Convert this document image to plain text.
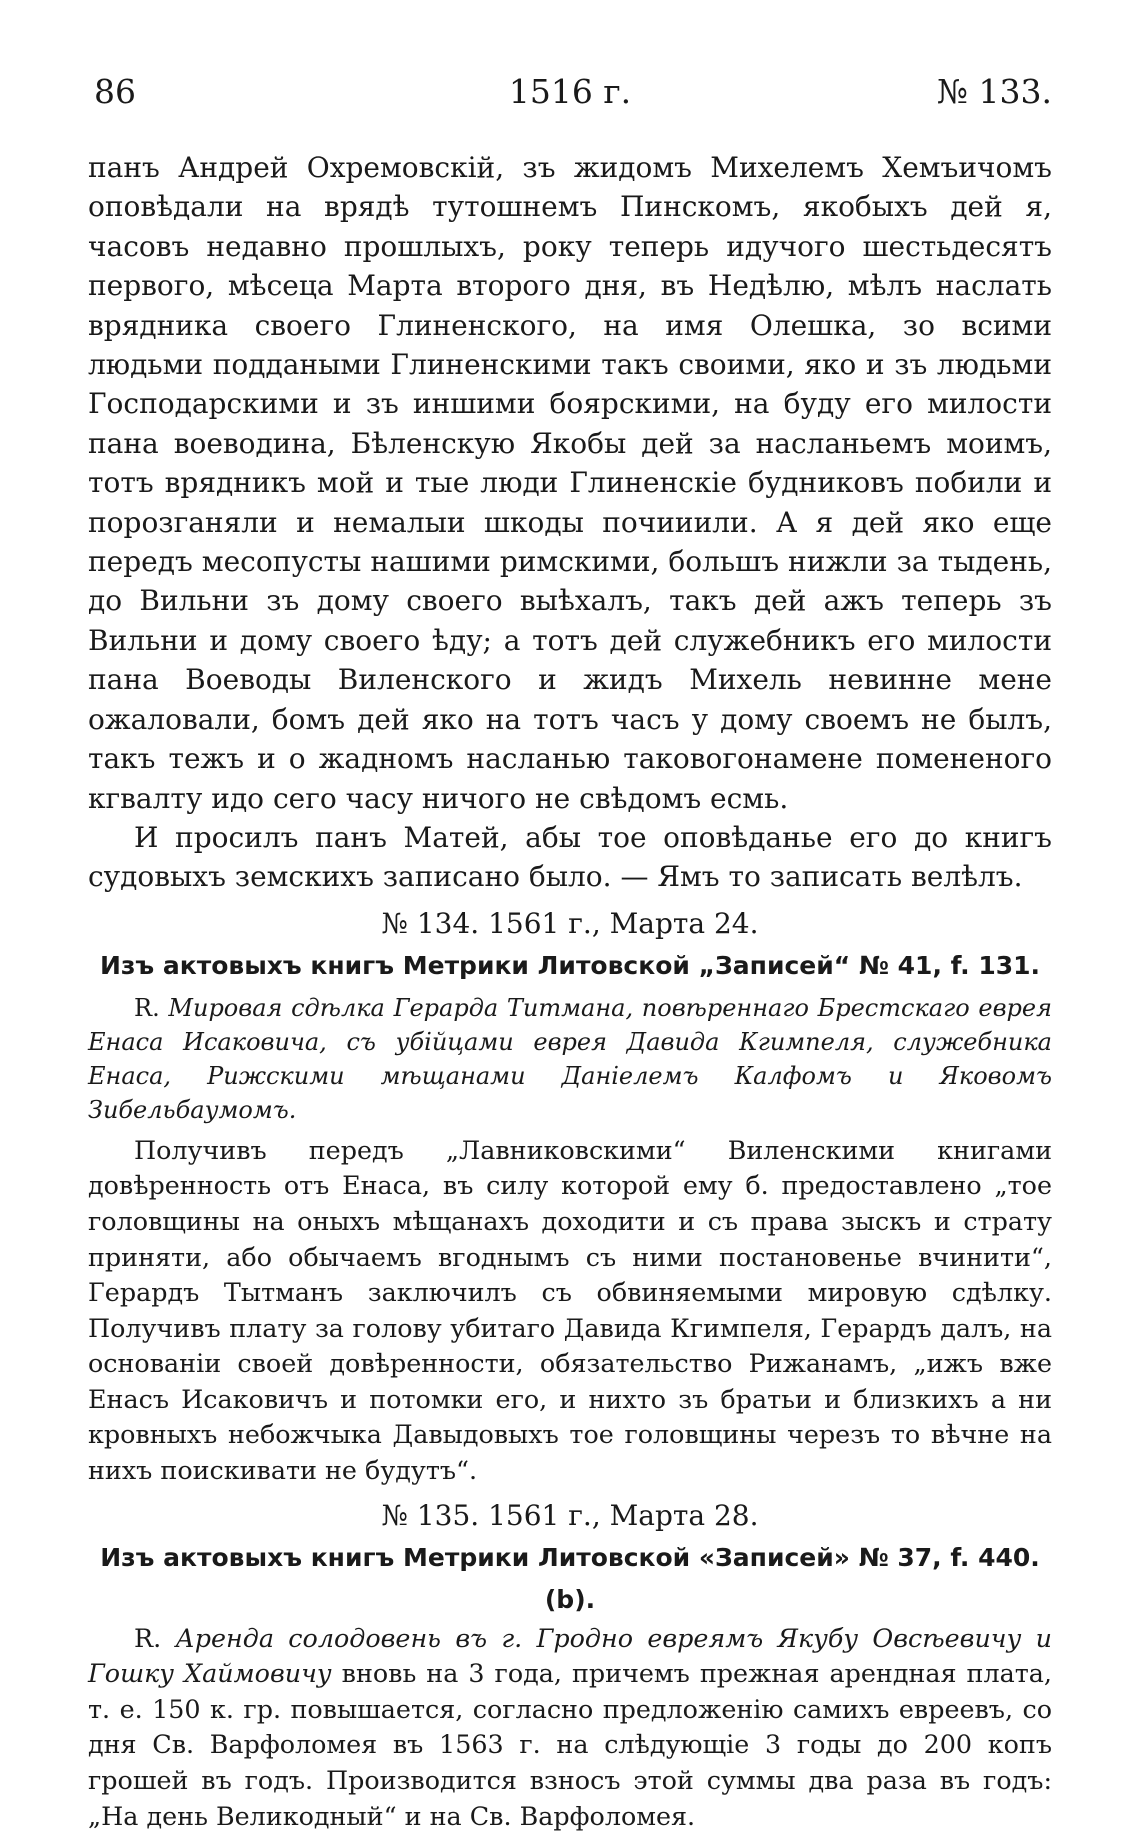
86	1516 г.	№ 133.

панъ Андрей Охремовскій, зъ жидомъ Михелемъ Хемъичомъ оповѣдали на врядѣ тутошнемъ Пинскомъ, якобыхъ дей я, часовъ недавно прошлыхъ, року теперь идучого шестьдесятъ первого, мѣсеца Марта второго дня, въ Недѣлю, мѣлъ наслать врядника своего Глиненского, на имя Олешка, зо всими людьми поддаными Глиненскими такъ своими, яко и зъ людьми Господарскими и зъ иншими боярскими, на буду его милости пана воеводина, Бѣленскую Якобы дей за насланьемъ моимъ, тотъ врядникъ мой и тые люди Глиненскіе будниковъ побили и порозганяли и немалыи шкоды почииили. А я дей яко еще передъ месопусты нашими римскими, большъ нижли за тыдень, до Вильни зъ дому своего выѣхалъ, такъ дей ажъ теперь зъ Вильни и дому своего ѣду; а тотъ дей служебникъ его милости пана Воеводы Виленского и жидъ Михель невинне мене ожаловали, бомъ дей яко на тотъ часъ у дому своемъ не былъ, такъ тежъ и о жадномъ насланью таковогонамене помененого кгвалту идо сего часу ничого не свѣдомъ есмь.

И просилъ панъ Матей, абы тое оповѣданье его до книгъ судовыхъ земскихъ записано было. — Ямъ то записать велѣлъ.

№ 134. 1561 г., Марта 24.
Изъ актовыхъ книгъ Метрики Литовской „Записей“ № 41, f. 131.
R. Мировая сдѣлка Герарда Титмана, повѣреннаго Брестскаго еврея Енаса Исаковича, съ убійцами еврея Давида Кгимпеля, служебника Енаса, Рижскими мѣщанами Даніелемъ Калфомъ и Яковомъ Зибельбаумомъ.

Получивъ передъ „Лавниковскими“ Виленскими книгами довѣренность отъ Енаса, въ силу которой ему б. предоставлено „тое головщины на оныхъ мѣщанахъ доходити и съ права зыскъ и страту приняти, або обычаемъ вгоднымъ съ ними постановенье вчинити“, Герардъ Тытманъ заключилъ съ обвиняемыми мировую сдѣлку. Получивъ плату за голову убитаго Давида Кгимпеля, Герардъ далъ, на основаніи своей довѣренности, обязательство Рижанамъ, „ижъ вже Енасъ Исаковичъ и потомки его, и нихто зъ братьи и близкихъ а ни кровныхъ небожчыка Давыдовыхъ тое головщины черезъ то вѣчне на нихъ поискивати не будутъ“.

№ 135. 1561 г., Марта 28.
Изъ актовыхъ книгъ Метрики Литовской «Записей» № 37, f. 440. (b).
R. Аренда солодовень въ г. Гродно евреямъ Якубу Овсѣевичу и Гошку Хаймовичу вновь на 3 года, причемъ прежная арендная плата, т. е. 150 к. гр. повышается, согласно предложенію самихъ евреевъ, со дня Св. Варфоломея въ 1563 г. на слѣдующіе 3 годы до 200 копъ грошей въ годъ. Производится взносъ этой суммы два раза въ годъ: „На день Великодный“ и на Св. Варфоломея.
